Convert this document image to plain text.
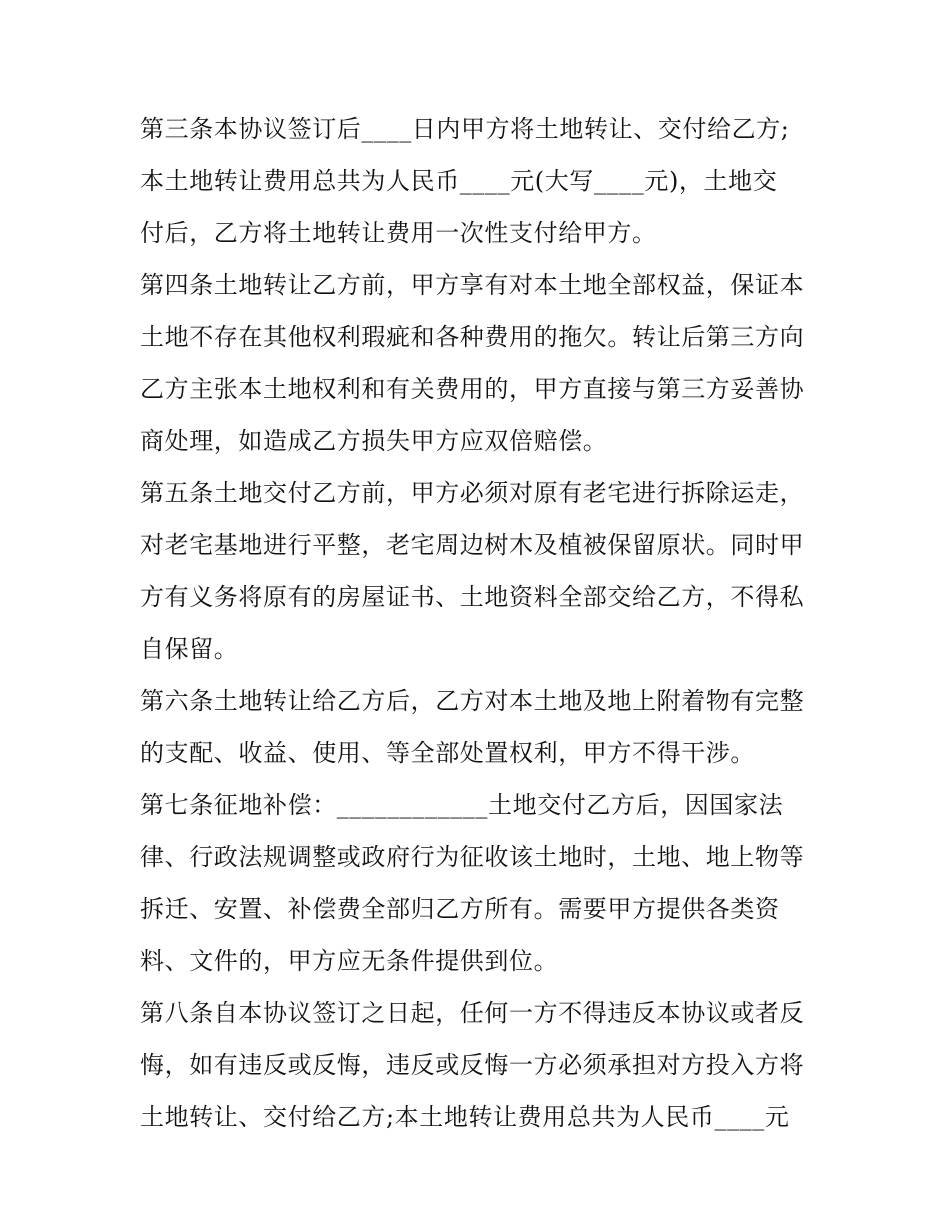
第三条本协议签订后____日内甲方将土地转让、交付给乙方;
本土地转让费用总共为人民币____元(大写____元)，土地交
付后，乙方将土地转让费用一次性支付给甲方。
第四条土地转让乙方前，甲方享有对本土地全部权益，保证本
土地不存在其他权利瑕疵和各种费用的拖欠。转让后第三方向
乙方主张本土地权利和有关费用的，甲方直接与第三方妥善协
商处理，如造成乙方损失甲方应双倍赔偿。
第五条土地交付乙方前，甲方必须对原有老宅进行拆除运走，
对老宅基地进行平整，老宅周边树木及植被保留原状。同时甲
方有义务将原有的房屋证书、土地资料全部交给乙方，不得私
自保留。
第六条土地转让给乙方后，乙方对本土地及地上附着物有完整
的支配、收益、使用、等全部处置权利，甲方不得干涉。
第七条征地补偿：____________土地交付乙方后，因国家法
律、行政法规调整或政府行为征收该土地时，土地、地上物等
拆迁、安置、补偿费全部归乙方所有。需要甲方提供各类资
料、文件的，甲方应无条件提供到位。
第八条自本协议签订之日起，任何一方不得违反本协议或者反
悔，如有违反或反悔，违反或反悔一方必须承担对方投入方将
土地转让、交付给乙方;本土地转让费用总共为人民币____元
